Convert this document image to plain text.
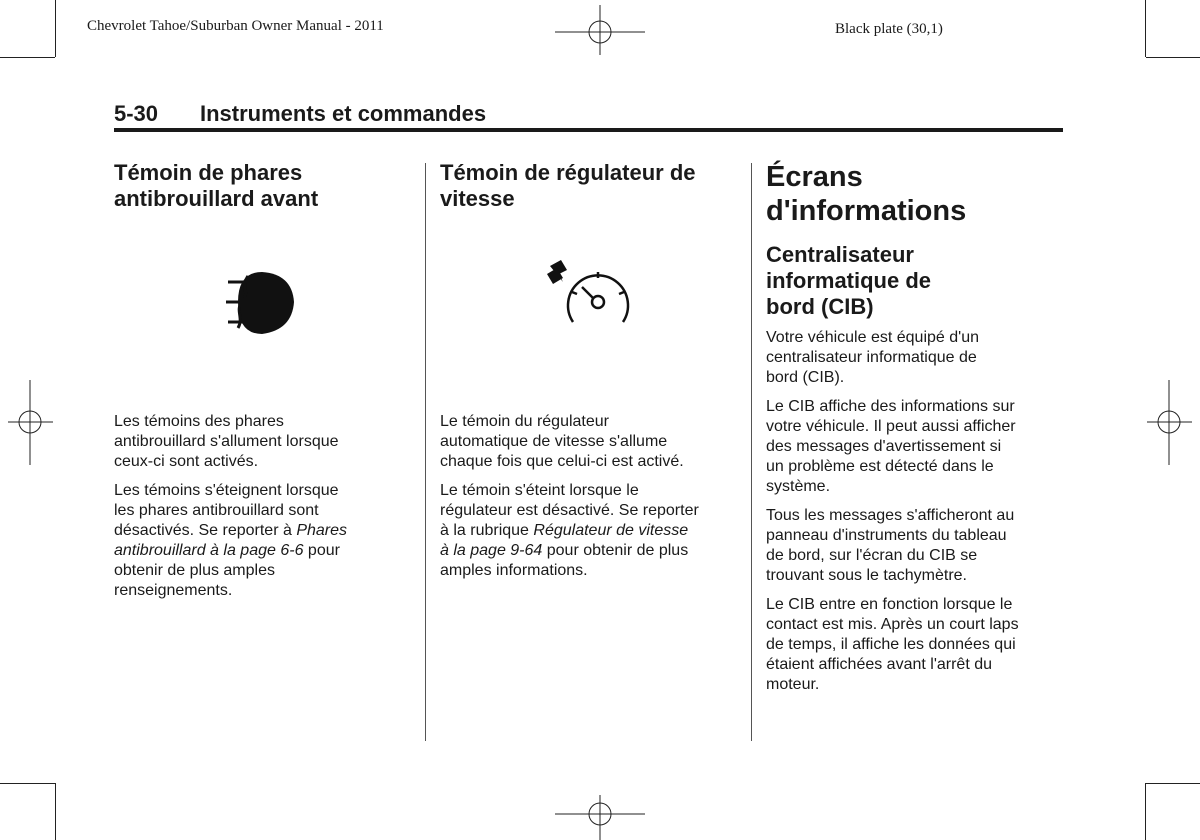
Chevrolet Tahoe/Suburban Owner Manual - 2011	Black plate (30,1)
5-30 Instruments et commandes
Témoin de phares
antibrouillard avant

Les témoins des phares
antibrouillard s'allument lorsque
ceux-ci sont activés.

Les témoins s'éteignent lorsque
les phares antibrouillard sont
désactivés. Se reporter à Phares
antibrouillard à la page 6-6 pour
obtenir de plus amples
renseignements.

Témoin de régulateur de
vitesse

Le témoin du régulateur
automatique de vitesse s'allume
chaque fois que celui-ci est activé.

Le témoin s'éteint lorsque le
régulateur est désactivé. Se reporter
à la rubrique Régulateur de vitesse
à la page 9-64 pour obtenir de plus
amples informations.

Écrans d'informations
Centralisateur
informatique de
bord (CIB)

Votre véhicule est équipé d'un
centralisateur informatique de
bord (CIB).

Le CIB affiche des informations sur
votre véhicule. Il peut aussi afficher
des messages d'avertissement si
un problème est détecté dans le
système.

Tous les messages s'afficheront au
panneau d'instruments du tableau
de bord, sur l'écran du CIB se
trouvant sous le tachymètre.

Le CIB entre en fonction lorsque le
contact est mis. Après un court laps
de temps, il affiche les données qui
étaient affichées avant l'arrêt du
moteur.
